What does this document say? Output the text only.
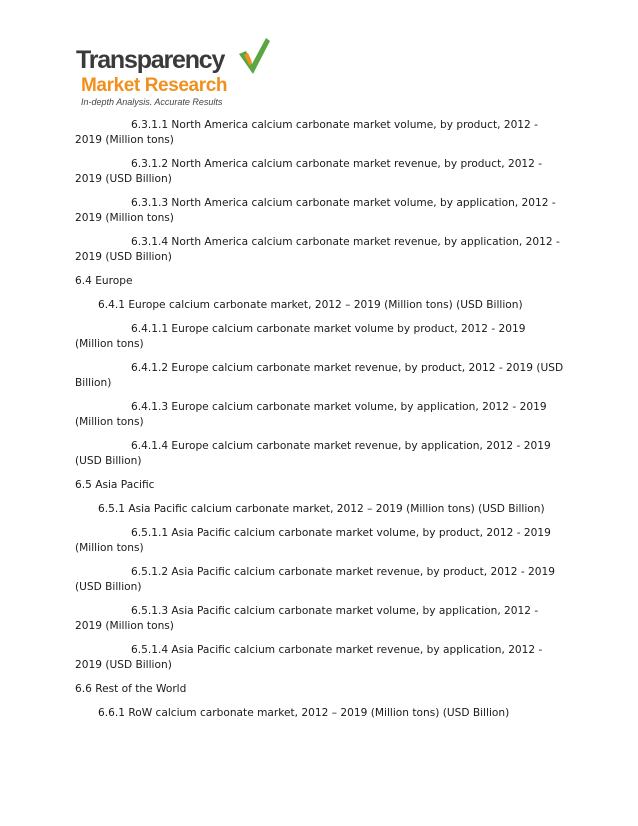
Transparency
Market Research
In-depth Analysis. Accurate Results
6.3.1.1 North America calcium carbonate market volume, by product, 2012 - 2019 (Million tons)
6.3.1.2 North America calcium carbonate market revenue, by product, 2012 - 2019 (USD Billion)
6.3.1.3 North America calcium carbonate market volume, by application, 2012 - 2019 (Million tons)
6.3.1.4 North America calcium carbonate market revenue, by application, 2012 - 2019 (USD Billion)
6.4 Europe
6.4.1 Europe calcium carbonate market, 2012 – 2019 (Million tons) (USD Billion)
6.4.1.1 Europe calcium carbonate market volume by product, 2012 - 2019 (Million tons)
6.4.1.2 Europe calcium carbonate market revenue, by product, 2012 - 2019 (USD Billion)
6.4.1.3 Europe calcium carbonate market volume, by application, 2012 - 2019 (Million tons)
6.4.1.4 Europe calcium carbonate market revenue, by application, 2012 - 2019 (USD Billion)
6.5 Asia Pacific
6.5.1 Asia Pacific calcium carbonate market, 2012 – 2019 (Million tons) (USD Billion)
6.5.1.1 Asia Pacific calcium carbonate market volume, by product, 2012 - 2019 (Million tons)
6.5.1.2 Asia Pacific calcium carbonate market revenue, by product, 2012 - 2019 (USD Billion)
6.5.1.3 Asia Pacific calcium carbonate market volume, by application, 2012 - 2019 (Million tons)
6.5.1.4 Asia Pacific calcium carbonate market revenue, by application, 2012 - 2019 (USD Billion)
6.6 Rest of the World
6.6.1 RoW calcium carbonate market, 2012 – 2019 (Million tons) (USD Billion)
